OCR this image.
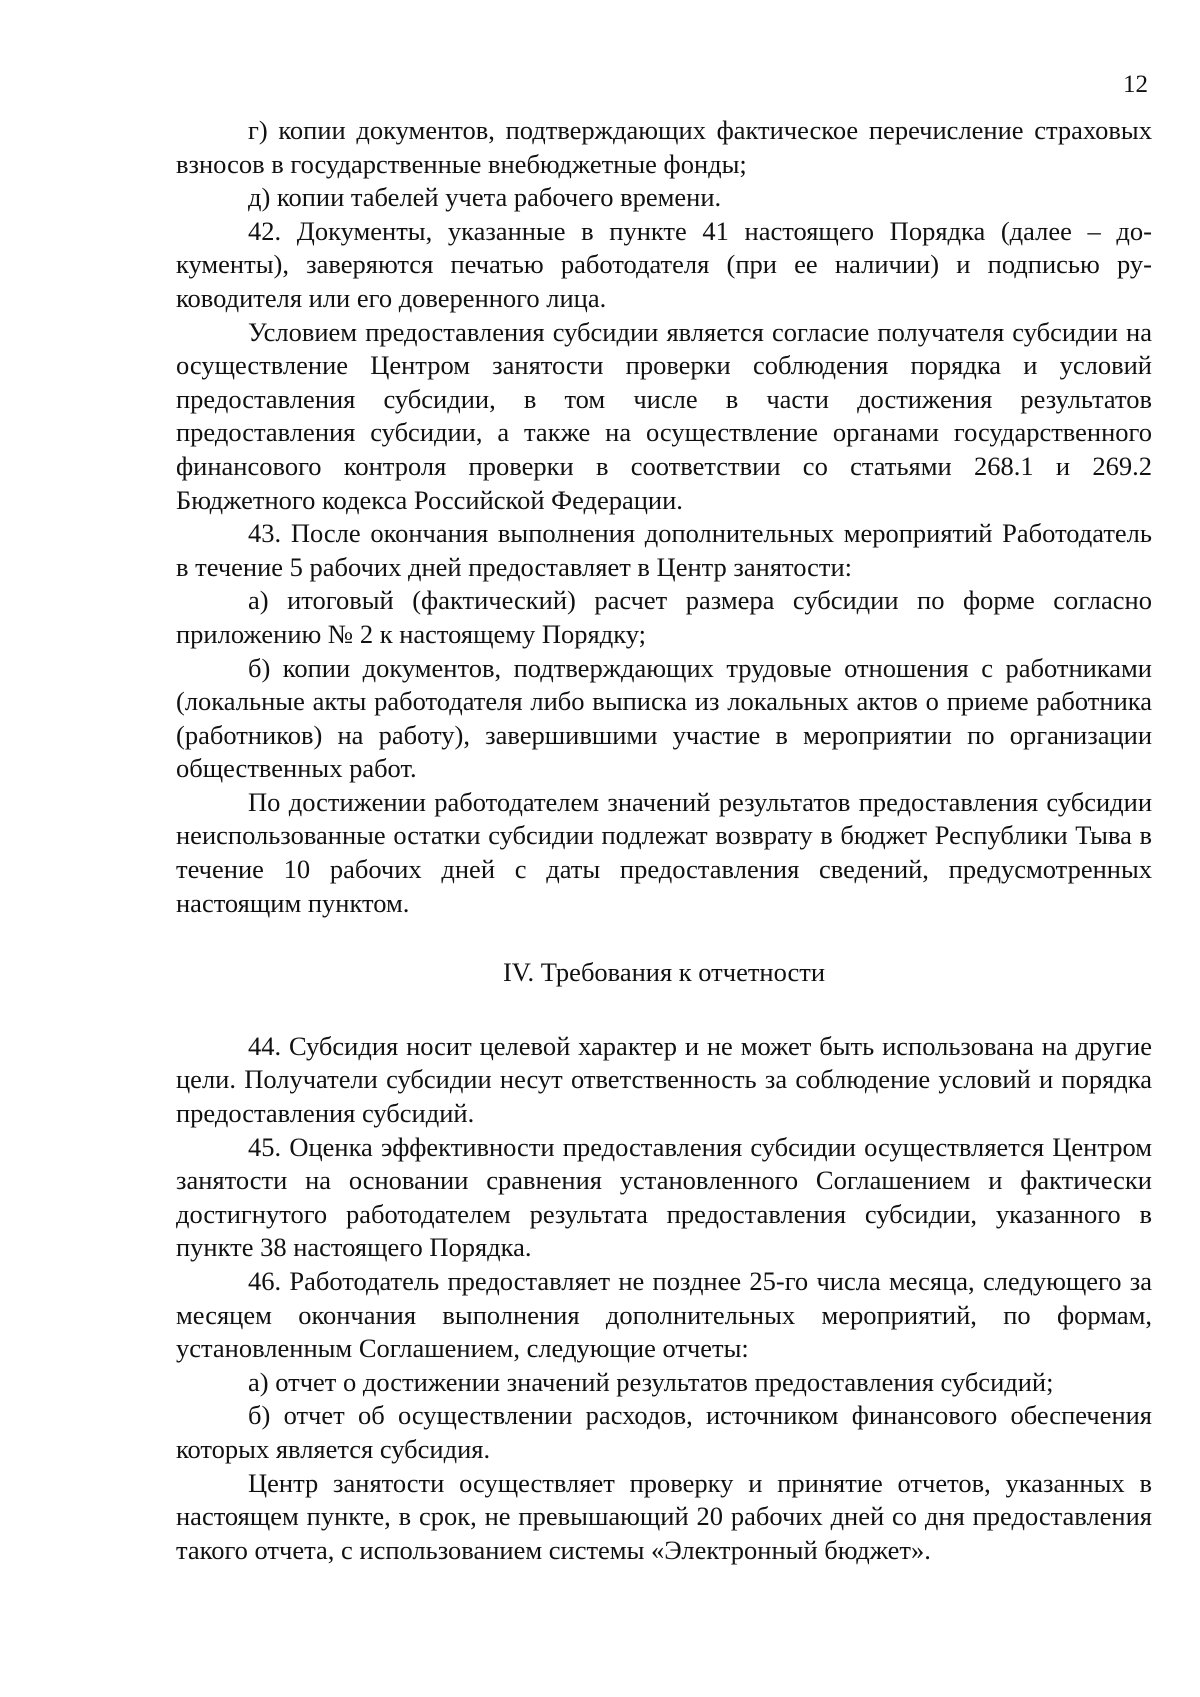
12

г) копии документов, подтверждающих фактическое перечисление страховых взносов в государственные внебюджетные фонды;

д) копии табелей учета рабочего времени.

42. Документы, указанные в пункте 41 настоящего Порядка (далее – документы), заверяются печатью работодателя (при ее наличии) и подписью руководителя или его доверенного лица.

Условием предоставления субсидии является согласие получателя субсидии на осуществление Центром занятости проверки соблюдения порядка и условий предоставления субсидии, в том числе в части достижения результатов предоставления субсидии, а также на осуществление органами государственного финансового контроля проверки в соответствии со статьями 268.1 и 269.2 Бюджетного кодекса Российской Федерации.

43. После окончания выполнения дополнительных мероприятий Работодатель в течение 5 рабочих дней предоставляет в Центр занятости:

а) итоговый (фактический) расчет размера субсидии по форме согласно приложению № 2 к настоящему Порядку;

б) копии документов, подтверждающих трудовые отношения с работниками (локальные акты работодателя либо выписка из локальных актов о приеме работника (работников) на работу), завершившими участие в мероприятии по организации общественных работ.

По достижении работодателем значений результатов предоставления субсидии неиспользованные остатки субсидии подлежат возврату в бюджет Республики Тыва в течение 10 рабочих дней с даты предоставления сведений, предусмотренных настоящим пунктом.

IV. Требования к отчетности

44. Субсидия носит целевой характер и не может быть использована на другие цели. Получатели субсидии несут ответственность за соблюдение условий и порядка предоставления субсидий.

45. Оценка эффективности предоставления субсидии осуществляется Центром занятости на основании сравнения установленного Соглашением и фактически достигнутого работодателем результата предоставления субсидии, указанного в пункте 38 настоящего Порядка.

46. Работодатель предоставляет не позднее 25-го числа месяца, следующего за месяцем окончания выполнения дополнительных мероприятий, по формам, установленным Соглашением, следующие отчеты:

а) отчет о достижении значений результатов предоставления субсидий;

б) отчет об осуществлении расходов, источником финансового обеспечения которых является субсидия.

Центр занятости осуществляет проверку и принятие отчетов, указанных в настоящем пункте, в срок, не превышающий 20 рабочих дней со дня предоставления такого отчета, с использованием системы «Электронный бюджет».
